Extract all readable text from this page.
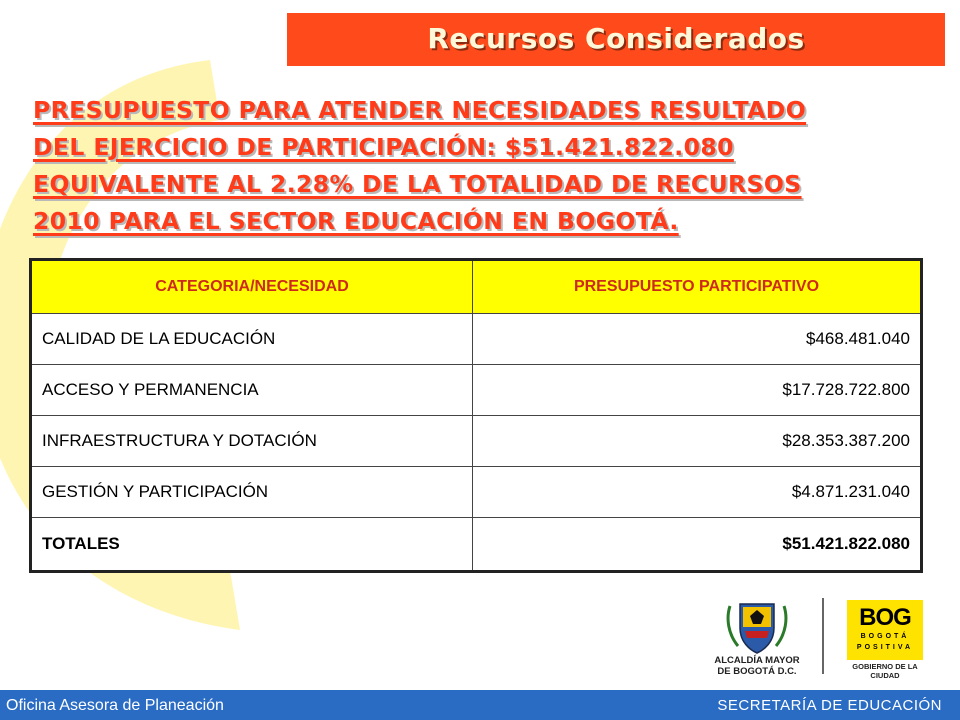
Recursos Considerados
PRESUPUESTO PARA ATENDER NECESIDADES RESULTADO
DEL EJERCICIO DE PARTICIPACIÓN: $51.421.822.080
EQUIVALENTE AL 2.28% DE LA TOTALIDAD DE RECURSOS
2010 PARA EL SECTOR EDUCACIÓN EN BOGOTÁ.
CATEGORIA/NECESIDAD	PRESUPUESTO PARTICIPATIVO
CALIDAD DE LA EDUCACIÓN	$468.481.040
ACCESO Y PERMANENCIA	$17.728.722.800
INFRAESTRUCTURA Y DOTACIÓN	$28.353.387.200
GESTIÓN Y PARTICIPACIÓN	$4.871.231.040
TOTALES	$51.421.822.080
ALCALDÍA MAYOR
DE BOGOTÁ D.C.
BOG
BOGOTÁ
POSITIVA
GOBIERNO DE LA CIUDAD
Oficina Asesora de Planeación	SECRETARÍA DE EDUCACIÓN
